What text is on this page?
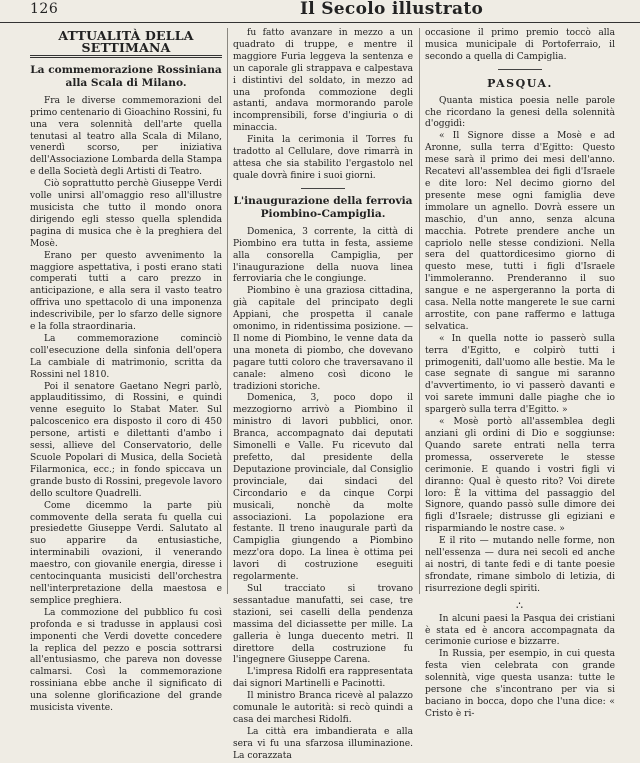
126	Il Secolo illustrato
ATTUALITÀ DELLA SETTIMANA
La commemorazione Rossiniana alla Scala di Milano.

Fra le diverse commemorazioni del primo centenario di Gioachino Rossini, fu una vera solennità dell'arte quella tenutasi al teatro alla Scala di Milano, venerdì scorso, per iniziativa dell'Associazione Lombarda della Stampa e della Società degli Artisti di Teatro.

Ciò soprattutto perchè Giuseppe Verdi volle unirsi all'omaggio reso all'illustre musicista che tutto il mondo onora dirigendo egli stesso quella splendida pagina di musica che è la preghiera del Mosè.

Erano per questo avvenimento la maggiore aspettativa, i posti erano stati comperati tutti a caro prezzo in anticipazione, e alla sera il vasto teatro offriva uno spettacolo di una imponenza indescrivibile, per lo sfarzo delle signore e la folla straordinaria.

La commemorazione cominciò coll'esecuzione della sinfonia dell'opera La cambiale di matrimonio, scritta da Rossini nel 1810.

Poi il senatore Gaetano Negri parlò, applauditissimo, di Rossini, e quindi venne eseguito lo Stabat Mater. Sul palcoscenico era disposto il coro di 450 persone, artisti e dilettanti d'ambo i sessi, allieve del Conservatorio, delle Scuole Popolari di Musica, della Società Filarmonica, ecc.; in fondo spiccava un grande busto di Rossini, pregevole lavoro dello scultore Quadrelli.

Come dicemmo la parte più commovente della serata fu quella cui presiedette Giuseppe Verdi. Salutato al suo apparire da entusiastiche, interminabili ovazioni, il venerando maestro, con giovanile energia, diresse i centocinquanta musicisti dell'orchestra nell'interpretazione della maestosa e semplice preghiera.

La commozione del pubblico fu così profonda e si tradusse in applausi così imponenti che Verdi dovette concedere la replica del pezzo e poscia sottrarsi all'entusiasmo, che pareva non dovesse calmarsi. Così la commemorazione rossiniana ebbe anche il significato di una solenne glorificazione del grande musicista vivente.

fu fatto avanzare in mezzo a un quadrato di truppe, e mentre il maggiore Furia leggeva la sentenza e un caporale gli strappava e calpestava i distintivi del soldato, in mezzo ad una profonda commozione degli astanti, andava mormorando parole incomprensibili, forse d'ingiuria o di minaccia.

Finita la cerimonia il Torres fu tradotto al Cellulare, dove rimarrà in attesa che sia stabilito l'ergastolo nel quale dovrà finire i suoi giorni.

L'inaugurazione della ferrovia Piombino-Campiglia.

Domenica, 3 corrente, la città di Piombino era tutta in festa, assieme alla consorella Campiglia, per l'inaugurazione della nuova linea ferroviaria che le congiunge.

Piombino è una graziosa cittadina, già capitale del principato degli Appiani, che prospetta il canale omonimo, in ridentissima posizione. — Il nome di Piombino, le venne data da una moneta di piombo, che dovevano pagare tutti coloro che traversavano il canale: almeno così dicono le tradizioni storiche.

Domenica, 3, poco dopo il mezzogiorno arrivò a Piombino il ministro di lavori pubblici, onor. Branca, accompagnato dai deputati Simonelli e Valle. Fu ricevuto dal prefetto, dal presidente della Deputazione provinciale, dal Consiglio provinciale, dai sindaci del Circondario e da cinque Corpi musicali, nonchè da molte associazioni. La popolazione era festante. Il treno inaugurale partì da Campiglia giungendo a Piombino mezz'ora dopo. La linea è ottima pei lavori di costruzione eseguiti regolarmente.

Sul tracciato si trovano sessantadue manufatti, sei case, tre stazioni, sei caselli della pendenza massima del diciassette per mille. La galleria è lunga duecento metri. Il direttore della costruzione fu l'ingegnere Giuseppe Carena.

L'impresa Ridolfi era rappresentata dai signori Martinelli e Pacinotti.

Il ministro Branca ricevè al palazzo comunale le autorità: si recò quindi a casa dei marchesi Ridolfi.

La città era imbandierata e alla sera vi fu una sfarzosa illuminazione. La corazzata

occasione il primo premio toccò alla musica municipale di Portoferraio, il secondo a quella di Campiglia.

PASQUA.

Quanta mistica poesia nelle parole che ricordano la genesi della solennità d'oggidì:

« Il Signore disse a Mosè e ad Aronne, sulla terra d'Egitto: Questo mese sarà il primo dei mesi dell'anno. Recatevi all'assemblea dei figli d'Israele e dite loro: Nel decimo giorno del presente mese ogni famiglia deve immolare un agnello. Dovrà essere un maschio, d'un anno, senza alcuna macchia. Potrete prendere anche un capriolo nelle stesse condizioni. Nella sera del quattordicesimo giorno di questo mese, tutti i figli d'Israele l'immoleranno. Prenderanno il suo sangue e ne aspergeranno la porta di casa. Nella notte mangerete le sue carni arrostite, con pane raffermo e lattuga selvatica.

« In quella notte io passerò sulla terra d'Egitto, e colpirò tutti i primogeniti, dall'uomo alle bestie. Ma le case segnate di sangue mi saranno d'avvertimento, io vi passerò davanti e voi sarete immuni dalle piaghe che io spargerò sulla terra d'Egitto. »

« Mosè portò all'assemblea degli anziani gli ordini di Dio e soggiunse: Quando sarete entrati nella terra promessa, osserverete le stesse cerimonie. E quando i vostri figli vi diranno: Qual è questo rito? Voi direte loro: È la vittima del passaggio del Signore, quando passò sulle dimore dei figli d'Israele; distrusse gli egiziani e risparmiando le nostre case. »

E il rito — mutando nelle forme, non nell'essenza — dura nei secoli ed anche ai nostri, di tante fedi e di tante poesie sfrondate, rimane simbolo di letizia, di risurrezione degli spiriti.

∴

In alcuni paesi la Pasqua dei cristiani è stata ed è ancora accompagnata da cerimonie curiose e bizzarre.

In Russia, per esempio, in cui questa festa vien celebrata con grande solennità, vige questa usanza: tutte le persone che s'incontrano per via si baciano in bocca, dopo che l'una dice: « Cristo è ri-
